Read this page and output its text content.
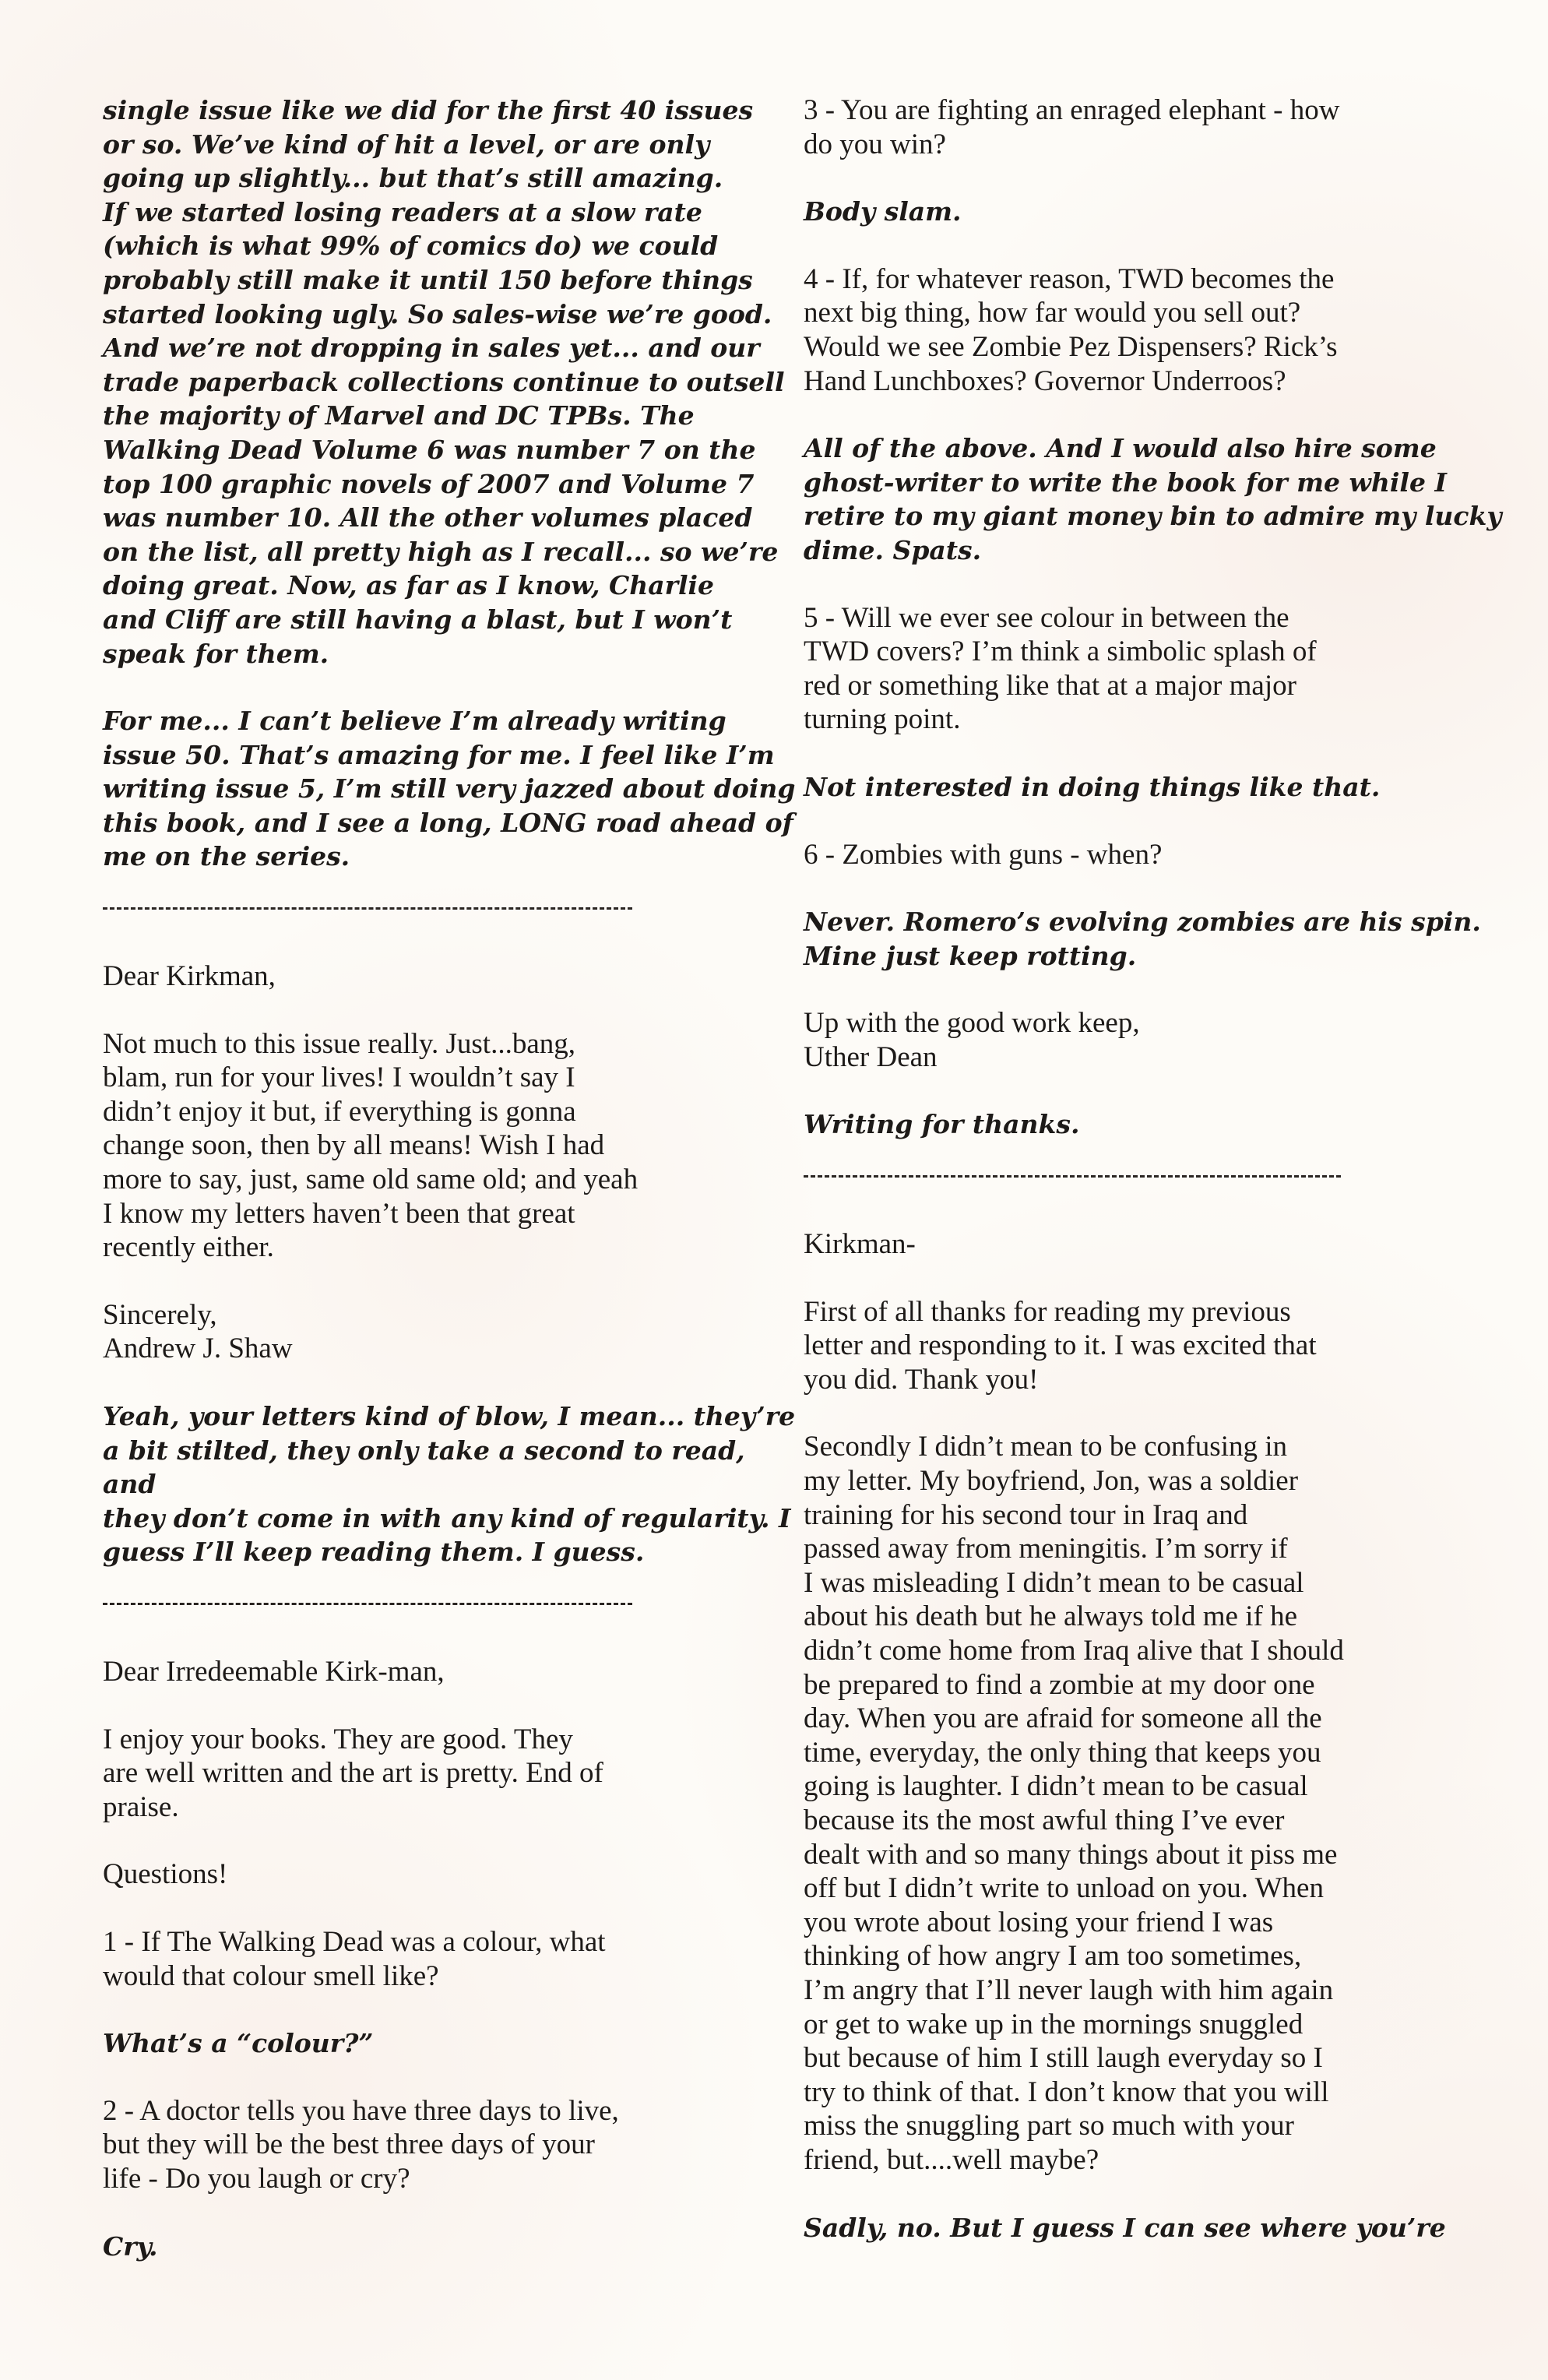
single issue like we did for the first 40 issues
or so. We’ve kind of hit a level, or are only
going up slightly... but that’s still amazing.
If we started losing readers at a slow rate
(which is what 99% of comics do) we could
probably still make it until 150 before things
started looking ugly. So sales-wise we’re good.
And we’re not dropping in sales yet... and our
trade paperback collections continue to outsell
the majority of Marvel and DC TPBs. The
Walking Dead Volume 6 was number 7 on the
top 100 graphic novels of 2007 and Volume 7
was number 10. All the other volumes placed
on the list, all pretty high as I recall... so we’re
doing great. Now, as far as I know, Charlie
and Cliff are still having a blast, but I won’t
speak for them.
For me... I can’t believe I’m already writing
issue 50. That’s amazing for me. I feel like I’m
writing issue 5, I’m still very jazzed about doing
this book, and I see a long, LONG road ahead of
me on the series.
Dear Kirkman,
Not much to this issue really. Just...bang,
blam, run for your lives! I wouldn’t say I
didn’t enjoy it but, if everything is gonna
change soon, then by all means! Wish I had
more to say, just, same old same old; and yeah
I know my letters haven’t been that great
recently either.
Sincerely,
Andrew J. Shaw
Yeah, your letters kind of blow, I mean... they’re
a bit stilted, they only take a second to read, and
they don’t come in with any kind of regularity. I
guess I’ll keep reading them. I guess.
Dear Irredeemable Kirk-man,
I enjoy your books. They are good. They
are well written and the art is pretty. End of
praise.
Questions!
1 - If The Walking Dead was a colour, what
would that colour smell like?
What’s a “colour?”
2 - A doctor tells you have three days to live,
but they will be the best three days of your
life - Do you laugh or cry?
Cry.
3 - You are fighting an enraged elephant - how
do you win?
Body slam.
4 - If, for whatever reason, TWD becomes the
next big thing, how far would you sell out?
Would we see Zombie Pez Dispensers? Rick’s
Hand Lunchboxes? Governor Underroos?
All of the above. And I would also hire some
ghost-writer to write the book for me while I
retire to my giant money bin to admire my lucky
dime. Spats.
5 - Will we ever see colour in between the
TWD covers? I’m think a simbolic splash of
red or something like that at a major major
turning point.
Not interested in doing things like that.
6 - Zombies with guns - when?
Never. Romero’s evolving zombies are his spin.
Mine just keep rotting.
Up with the good work keep,
Uther Dean
Writing for thanks.
Kirkman-
First of all thanks for reading my previous
letter and responding to it. I was excited that
you did. Thank you!
Secondly I didn’t mean to be confusing in
my letter. My boyfriend, Jon, was a soldier
training for his second tour in Iraq and
passed away from meningitis. I’m sorry if
I was misleading I didn’t mean to be casual
about his death but he always told me if he
didn’t come home from Iraq alive that I should
be prepared to find a zombie at my door one
day. When you are afraid for someone all the
time, everyday, the only thing that keeps you
going is laughter. I didn’t mean to be casual
because its the most awful thing I’ve ever
dealt with and so many things about it piss me
off but I didn’t write to unload on you. When
you wrote about losing your friend I was
thinking of how angry I am too sometimes,
I’m angry that I’ll never laugh with him again
or get to wake up in the mornings snuggled
but because of him I still laugh everyday so I
try to think of that. I don’t know that you will
miss the snuggling part so much with your
friend, but....well maybe?
Sadly, no. But I guess I can see where you’re
